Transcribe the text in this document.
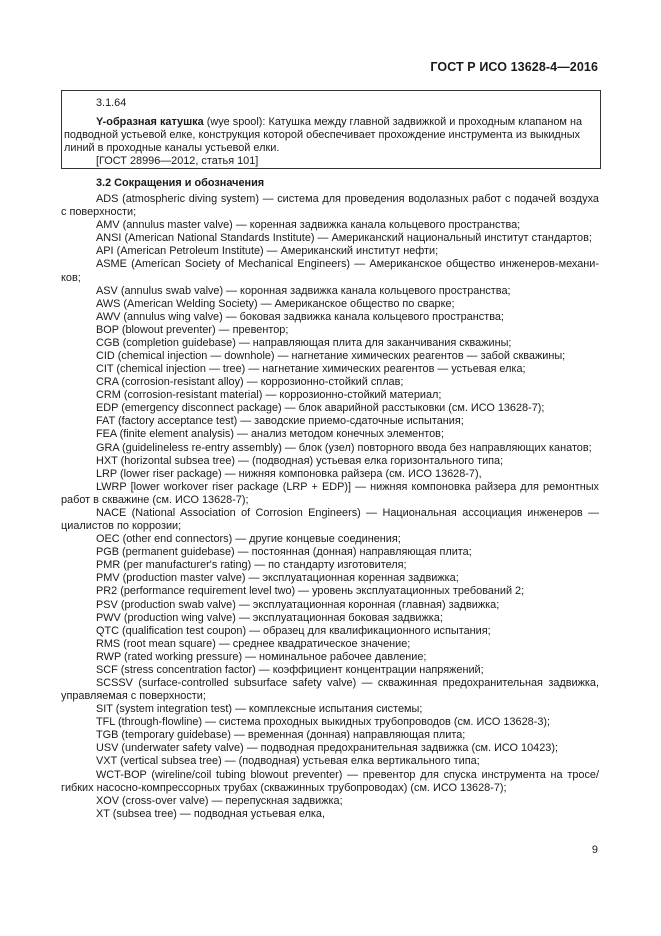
ГОСТ Р ИСО 13628-4—2016
3.1.64
Y-образная катушка (wye spool): Катушка между главной задвижкой и проходным клапаном на
подводной устьевой елке, конструкция которой обеспечивает прохождение инструмента из выкидных
линий в проходные каналы устьевой елки.
[ГОСТ 28996—2012, статья 101]
3.2 Сокращения и обозначения
ADS (atmospheric diving system) — система для проведения водолазных работ с подачей воздуха
с поверхности;
AMV (annulus master valve) — коренная задвижка канала кольцевого пространства;
ANSI (American National Standards Institute) — Американский национальный институт стандартов;
API (American Petroleum Institute) — Американский институт нефти;
ASME (American Society of Mechanical Engineers) — Американское общество инженеров-механи-
ков;
ASV (annulus swab valve) — коронная задвижка канала кольцевого пространства;
AWS (American Welding Society) — Американское общество по сварке;
AWV (annulus wing valve) — боковая задвижка канала кольцевого пространства;
BOP (blowout preventer) — превентор;
CGB (completion guidebase) — направляющая плита для заканчивания скважины;
CID (chemical injection — downhole) — нагнетание химических реагентов — забой скважины;
CIT (chemical injection — tree) — нагнетание химических реагентов — устьевая елка;
CRA (corrosion-resistant alloy) — коррозионно-стойкий сплав;
CRM (corrosion-resistant material) — коррозионно-стойкий материал;
EDP (emergency disconnect package) — блок аварийной расстыковки (см. ИСО 13628-7);
FAT (factory acceptance test) — заводские приемо-сдаточные испытания;
FEA (finite element analysis) — анализ методом конечных элементов;
GRA (guidelineless re-entry assembly) — блок (узел) повторного ввода без направляющих канатов;
HXT (horizontal subsea tree) — (подводная) устьевая елка горизонтального типа;
LRP (lower riser package) — нижняя компоновка райзера (см. ИСО 13628-7),
LWRP [lower workover riser package (LRP + EDP)] — нижняя компоновка райзера для ремонтных
работ в скважине (см. ИСО 13628-7);
NACE (National Association of Corrosion Engineers) — Национальная ассоциация инженеров —
циалистов по коррозии;
OEC (other end connectors) — другие концевые соединения;
PGB (permanent guidebase) — постоянная (донная) направляющая плита;
PMR (per manufacturer's rating) — по стандарту изготовителя;
PMV (production master valve) — эксплуатационная коренная задвижка;
PR2 (performance requirement level two) — уровень эксплуатационных требований 2;
PSV (production swab valve) — эксплуатационная коронная (главная) задвижка;
PWV (production wing valve) — эксплуатационная боковая задвижка;
QTC (qualification test coupon) — образец для квалификационного испытания;
RMS (root mean square) — среднее квадратическое значение;
RWP (rated working pressure) — номинальное рабочее давление;
SCF (stress concentration factor) — коэффициент концентрации напряжений;
SCSSV (surface-controlled subsurface safety valve) — скважинная предохранительная задвижка,
управляемая с поверхности;
SIT (system integration test) — комплексные испытания системы;
TFL (through-flowline) — система проходных выкидных трубопроводов (см. ИСО 13628-3);
TGB (temporary guidebase) — временная (донная) направляющая плита;
USV (underwater safety valve) — подводная предохранительная задвижка (см. ИСО 10423);
VXT (vertical subsea tree) — (подводная) устьевая елка вертикального типа;
WCT-BOP (wireline/coil tubing blowout preventer) — превентор для спуска инструмента на тросе/
гибких насосно-компрессорных трубах (скважинных трубопроводах) (см. ИСО 13628-7);
XOV (cross-over valve) — перепускная задвижка;
XT (subsea tree) — подводная устьевая елка,
9
